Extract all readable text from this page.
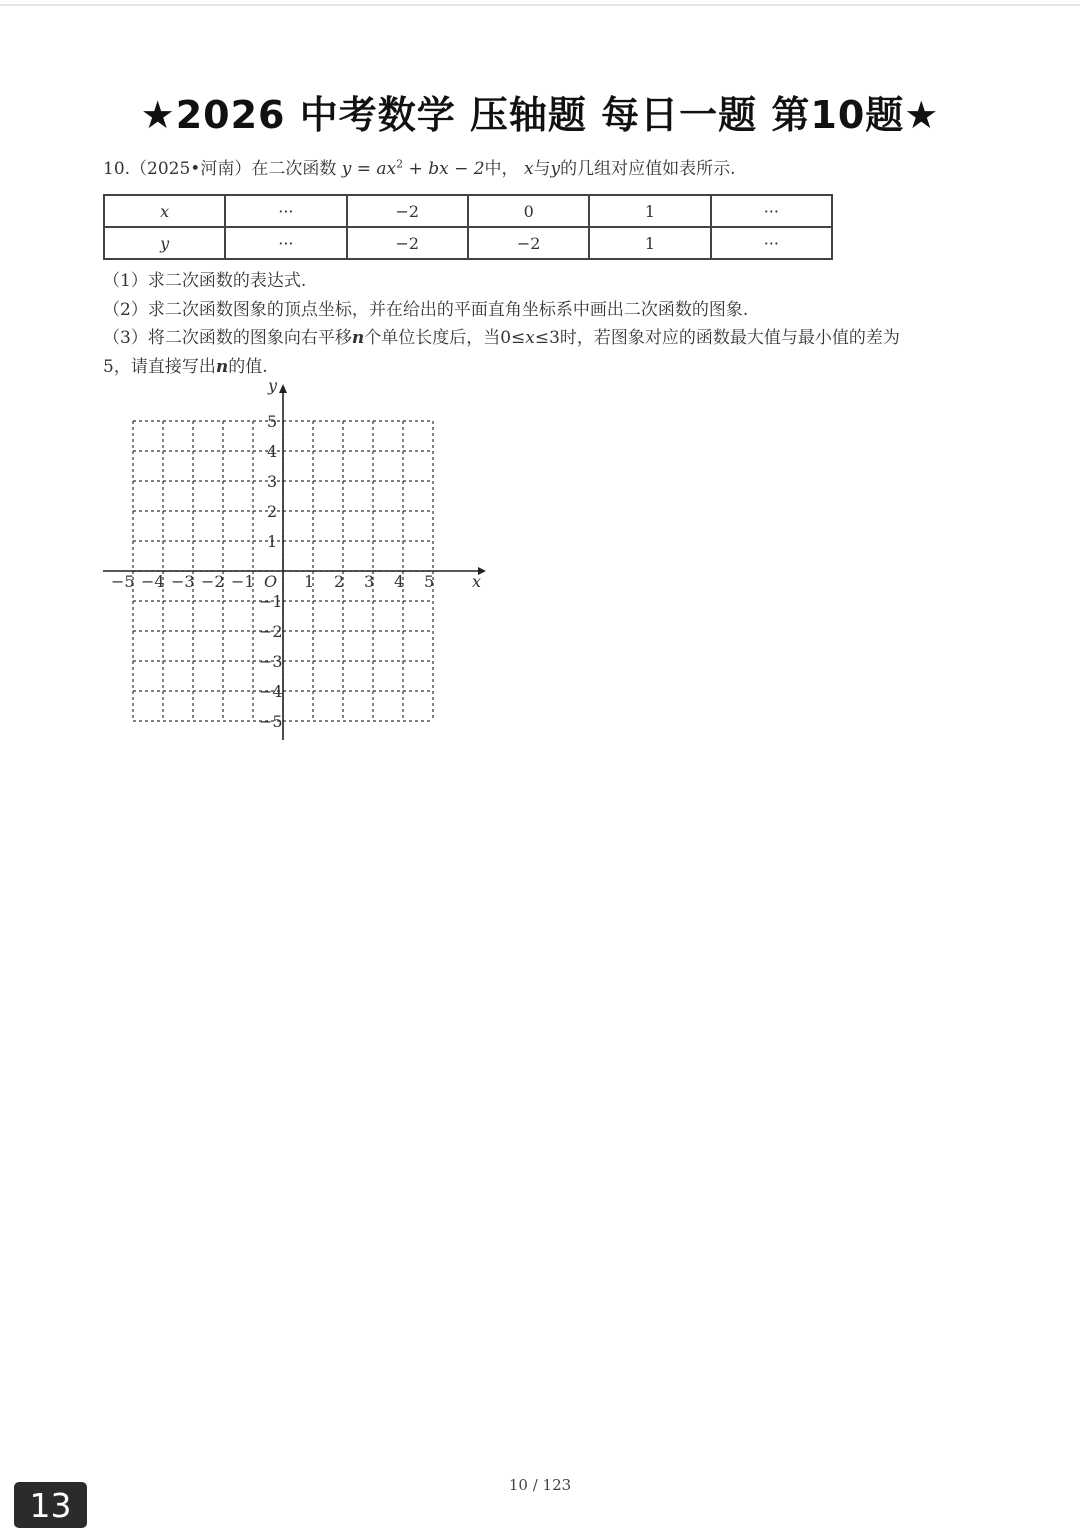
★2026 中考数学 压轴题 每日一题 第10题★
10.（2025•河南）在二次函数 $y = ax^2$ + bx − 2中， x与y的几组对应值如表所示.
x	···	−2	0	1	···
y	···	−2	−2	1	···
（1）求二次函数的表达式.
（2）求二次函数图象的顶点坐标，并在给出的平面直角坐标系中画出二次函数的图象.
（3）将二次函数的图象向右平移n个单位长度后，当0≤x≤3时，若图象对应的函数最大值与最小值的差为
5，请直接写出n的值.
x
y
O
−5 −4 −3 −2 −1	1 2 3 4 5
5
4
3
2
1
−1
−2
−3
−4
−5
10 / 123
13
